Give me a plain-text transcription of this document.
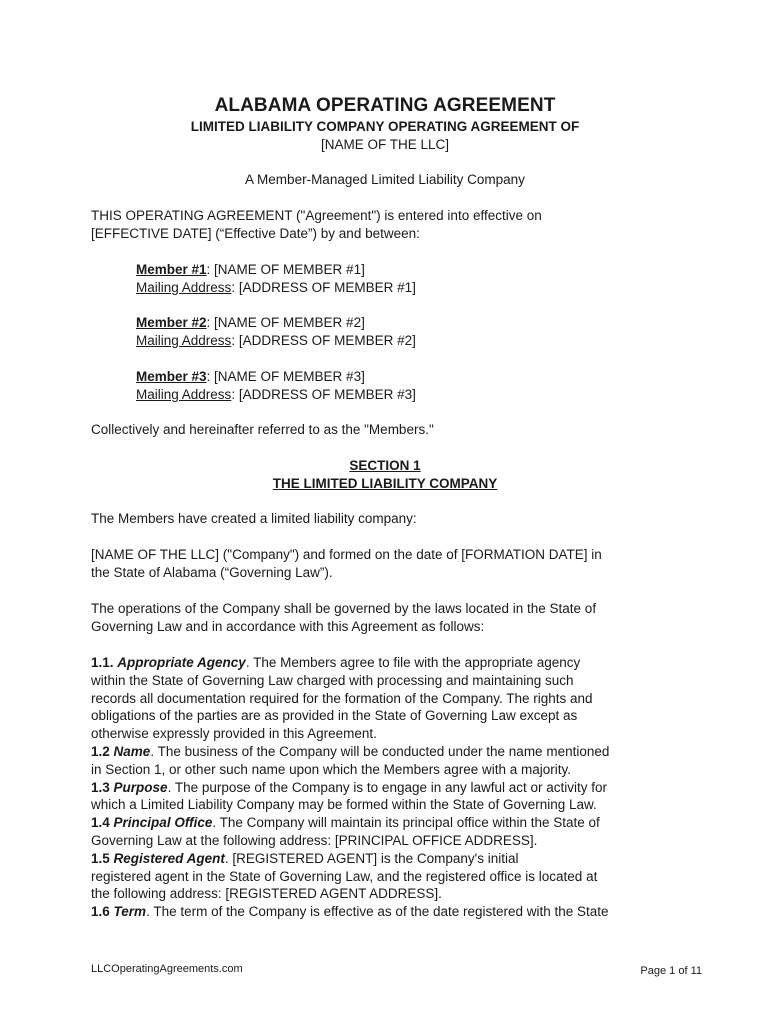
ALABAMA OPERATING AGREEMENT
LIMITED LIABILITY COMPANY OPERATING AGREEMENT OF
[NAME OF THE LLC]
A Member-Managed Limited Liability Company
THIS OPERATING AGREEMENT ("Agreement") is entered into effective on
[EFFECTIVE DATE] (“Effective Date”) by and between:
Member #1: [NAME OF MEMBER #1]
Mailing Address: [ADDRESS OF MEMBER #1]
Member #2: [NAME OF MEMBER #2]
Mailing Address: [ADDRESS OF MEMBER #2]
Member #3: [NAME OF MEMBER #3]
Mailing Address: [ADDRESS OF MEMBER #3]
Collectively and hereinafter referred to as the "Members."
SECTION 1
THE LIMITED LIABILITY COMPANY
The Members have created a limited liability company:
[NAME OF THE LLC] ("Company") and formed on the date of [FORMATION DATE] in
the State of Alabama (“Governing Law”).
The operations of the Company shall be governed by the laws located in the State of
Governing Law and in accordance with this Agreement as follows:
1.1. Appropriate Agency. The Members agree to file with the appropriate agency
within the State of Governing Law charged with processing and maintaining such
records all documentation required for the formation of the Company. The rights and
obligations of the parties are as provided in the State of Governing Law except as
otherwise expressly provided in this Agreement.
1.2 Name. The business of the Company will be conducted under the name mentioned
in Section 1, or other such name upon which the Members agree with a majority.
1.3 Purpose. The purpose of the Company is to engage in any lawful act or activity for
which a Limited Liability Company may be formed within the State of Governing Law.
1.4 Principal Office. The Company will maintain its principal office within the State of
Governing Law at the following address: [PRINCIPAL OFFICE ADDRESS].
1.5 Registered Agent. [REGISTERED AGENT] is the Company's initial
registered agent in the State of Governing Law, and the registered office is located at
the following address: [REGISTERED AGENT ADDRESS].
1.6 Term. The term of the Company is effective as of the date registered with the State
LLCOperatingAgreements.com	Page 1 of 11
